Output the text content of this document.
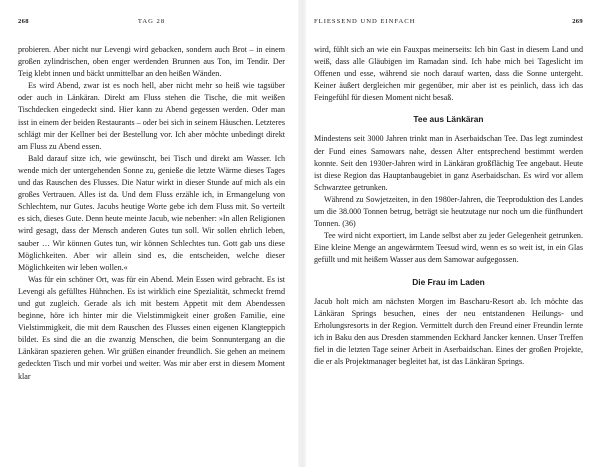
268	TAG 28

probieren. Aber nicht nur Levengi wird gebacken, sondern auch Brot – in einem großen zylindrischen, oben enger werdenden Brunnen aus Ton, im Tendir. Der Teig klebt innen und bäckt unmittelbar an den heißen Wänden.

Es wird Abend, zwar ist es noch hell, aber nicht mehr so heiß wie tagsüber oder auch in Länkäran. Direkt am Fluss stehen die Tische, die mit weißen Tischdecken eingedeckt sind. Hier kann zu Abend gegessen werden. Oder man isst in einem der beiden Restaurants – oder bei sich in seinem Häuschen. Letzteres schlägt mir der Kellner bei der Bestellung vor. Ich aber möchte unbedingt direkt am Fluss zu Abend essen.

Bald darauf sitze ich, wie gewünscht, bei Tisch und direkt am Wasser. Ich wende mich der untergehenden Sonne zu, genieße die letzte Wärme dieses Tages und das Rauschen des Flusses. Die Natur wirkt in dieser Stunde auf mich als ein großes Vertrauen. Alles ist da. Und dem Fluss erzähle ich, in Ermangelung von Schlechtem, nur Gutes. Jacubs heutige Worte gebe ich dem Fluss mit. So verteilt es sich, dieses Gute. Denn heute meinte Jacub, wie nebenher: »In allen Religionen wird gesagt, dass der Mensch anderen Gutes tun soll. Wir sollen ehrlich leben, sauber … Wir können Gutes tun, wir können Schlechtes tun. Gott gab uns diese Möglichkeiten. Aber wir allein sind es, die entscheiden, welche dieser Möglichkeiten wir leben wollen.«

Was für ein schöner Ort, was für ein Abend. Mein Essen wird gebracht. Es ist Levengi als gefülltes Hühnchen. Es ist wirklich eine Spezialität, schmeckt fremd und gut zugleich. Gerade als ich mit bestem Appetit mit dem Abendessen beginne, höre ich hinter mir die Vielstimmigkeit einer großen Familie, eine Vielstimmigkeit, die mit dem Rauschen des Flusses einen eigenen Klangteppich bildet. Es sind die an die zwanzig Menschen, die beim Sonnuntergang an die Länkäran spazieren gehen. Wir grüßen einander freundlich. Sie gehen an meinem gedeckten Tisch und mir vorbei und weiter. Was mir aber erst in diesem Moment klar

FLIESSEND UND EINFACH	269

wird, fühlt sich an wie ein Fauxpas meinerseits: Ich bin Gast in diesem Land und weiß, dass alle Gläubigen im Ramadan sind. Ich habe mich bei Tageslicht im Offenen und esse, während sie noch darauf warten, dass die Sonne untergeht. Keiner äußert dergleichen mir gegenüber, mir aber ist es peinlich, dass ich das Feingefühl für diesen Moment nicht besaß.

Tee aus Länkäran

Mindestens seit 3000 Jahren trinkt man in Aserbaidschan Tee. Das legt zumindest der Fund eines Samowars nahe, dessen Alter entsprechend bestimmt werden konnte. Seit den 1930er-Jahren wird in Länkäran großflächig Tee angebaut. Heute ist diese Region das Hauptanbaugebiet in ganz Aserbaidschan. Es wird vor allem Schwarztee getrunken.

Während zu Sowjetzeiten, in den 1980er-Jahren, die Teeproduktion des Landes um die 38.000 Tonnen betrug, beträgt sie heutzutage nur noch um die fünfhundert Tonnen. (36)

Tee wird nicht exportiert, im Lande selbst aber zu jeder Gelegenheit getrunken. Eine kleine Menge an angewärmtem Teesud wird, wenn es so weit ist, in ein Glas gefüllt und mit heißem Wasser aus dem Samowar aufgegossen.

Die Frau im Laden

Jacub holt mich am nächsten Morgen im Bascharu-Resort ab. Ich möchte das Länkäran Springs besuchen, eines der neu entstandenen Heilungs- und Erholungsresorts in der Region. Vermittelt durch den Freund einer Freundin lernte ich in Baku den aus Dresden stammenden Eckhard Jancker kennen. Unser Treffen fiel in die letzten Tage seiner Arbeit in Aserbaidschan. Eines der großen Projekte, die er als Projektmanager begleitet hat, ist das Länkäran Springs.
